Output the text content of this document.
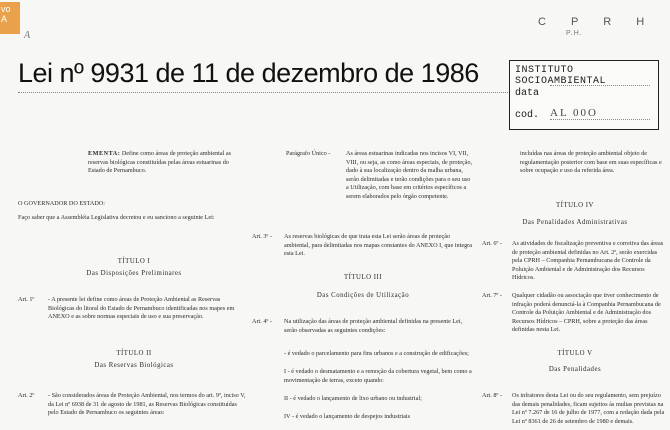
vo
A
A
C P R H
P.H.
Lei nº 9931 de 11 de dezembro de 1986	INSTITUTO SOCIOAMBIENTAL
data
cod. AL 00O
EMENTA: Define como áreas de proteção ambiental as reservas biológicas constituídas pelas áreas estuarinas do Estado de Pernambuco.
O GOVERNADOR DO ESTADO:
Faço saber que a Assembléia Legislativa decretou e eu sanciono a seguinte Lei:
TÍTULO I
Das Disposições Preliminares
Art. 1º - A presente lei define como áreas de Proteção Ambiental as Reservas Biológicas do litoral do Estado de Pernambuco identificadas nos mapes em ANEXO e as sobre normas especiais de uso e sua preservação.
TÍTULO II
Das Reservas Biológicas
Art. 2º - São considerados áreas de Proteção Ambiental, nos termos do art. 9º, inciso V, da Lei nº 6938 de 31 de agosto de 1981, as Reservas Biológicas constituídas pelo Estado de Pernambuco os seguintes áreas:
Parágrafo Único -	As áreas estuarinas indicadas nos incisos VI, VII, VIII, ou seja, as como áreas especiais, de proteção, dado à sua localização dentro da malha urbana, serão delimitadas e terão condições para o seu uso a Utilização, com base em critérios específicos a serem elaborados pelo órgão competente.
Art. 3º - As reservas biológicas de que trata esta Lei serão áreas de proteção ambiental, para delimitadas nos mapas constantes do ANEXO I, que integra esta Lei.
TÍTULO III
Das Condições de Utilização
Art. 4º - Na utilização das áreas de proteção ambiental definidas na presente Lei, serão observadas as seguintes condições:
- é vedado o parcelamento para fins urbanos e a construção de edificações;
I - é vedado o desmatamento e a remoção da cobertura vegetal, bem como a movimentação de terras, exceto quando:
II - é vedado o lançamento de lixo urbano ou industrial;
IV - é vedado o lançamento de despejos industriais
incluídas nas áreas de proteção ambiental objeto de regulamentação posterior com base em suas específicas e sobre ocupação e uso da referida área.
TÍTULO IV
Das Penalidades Administrativas
Art. 6º - As atividades de fiscalização preventiva e corretiva das áreas de proteção ambiental definidas no Art. 2º, serão exercidas pela CPRH – Companhia Pernambucana de Controle da Poluição Ambiental e de Administração dos Recursos Hídricos.
Art. 7º - Qualquer cidadão ou associação que tiver conhecimento de infração poderá denunciá-la à Companhia Pernambucana de Controle da Poluição Ambiental e de Administração dos Recursos Hídricos – CPRH, sobre a proteção das áreas definidas nesta Lei.
TÍTULO V
Das Penalidades
Art. 8º - Os infratores desta Lei ou do seu regulamento, sem prejuízo das demais penalidades, ficam sujeitos às multas previstas na Lei nº 7.267 de 16 de julho de 1977, com a redação dada pela Lei nº 8361 de 26 de setembro de 1980 e demais.
